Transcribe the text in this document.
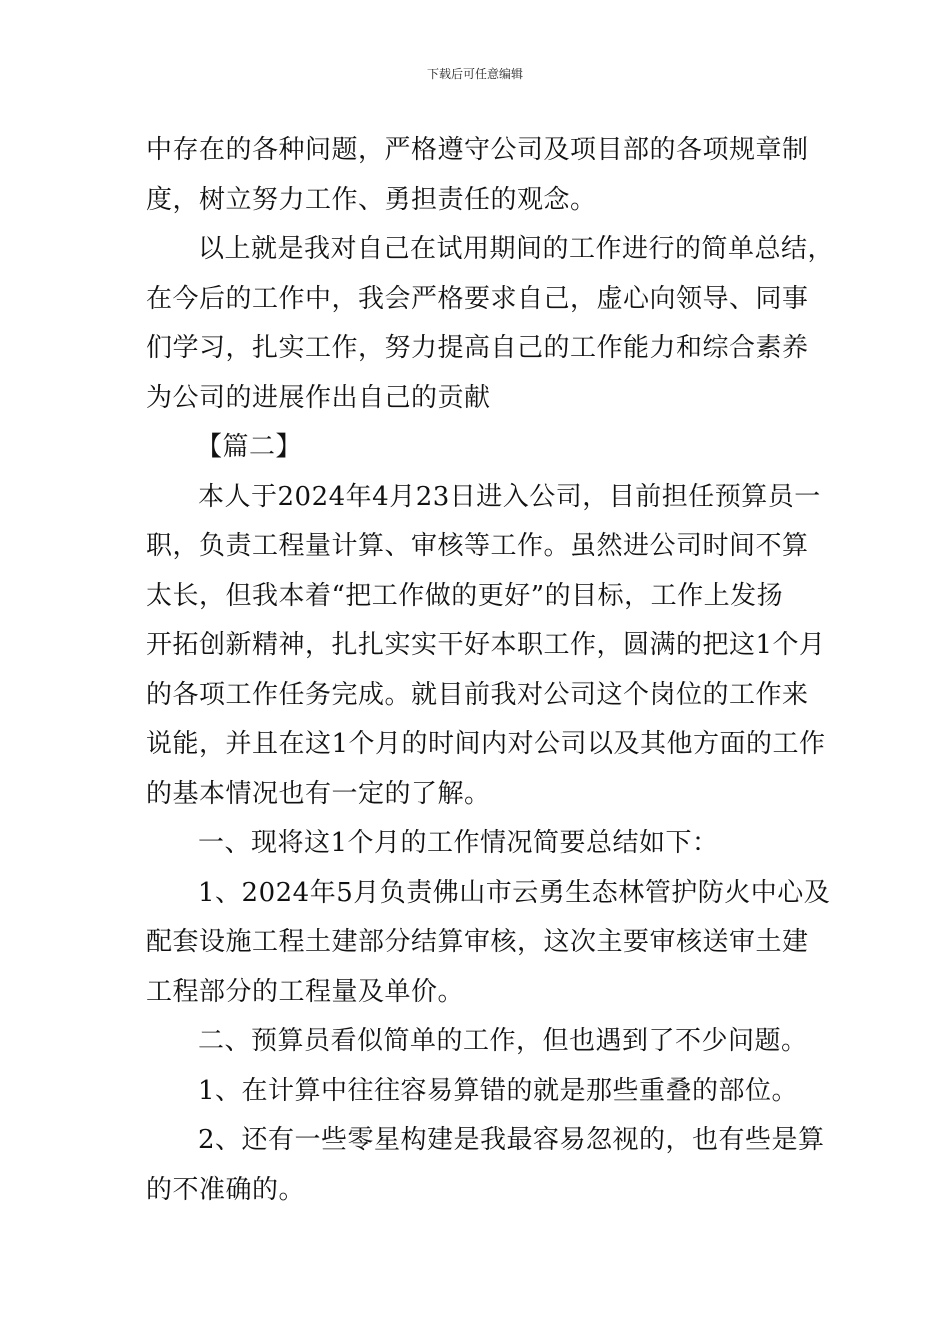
下载后可任意编辑
中存在的各种问题，严格遵守公司及项目部的各项规章制
度，树立努力工作、勇担责任的观念。
以上就是我对自己在试用期间的工作进行的简单总结，
在今后的工作中，我会严格要求自己，虚心向领导、同事
们学习，扎实工作，努力提高自己的工作能力和综合素养
为公司的进展作出自己的贡献
【篇二】
本人于2024年4月23日进入公司，目前担任预算员一
职，负责工程量计算、审核等工作。虽然进公司时间不算
太长，但我本着“把工作做的更好”的目标，工作上发扬
开拓创新精神，扎扎实实干好本职工作，圆满的把这1个月
的各项工作任务完成。就目前我对公司这个岗位的工作来
说能，并且在这1个月的时间内对公司以及其他方面的工作
的基本情况也有一定的了解。
一、现将这1个月的工作情况简要总结如下：
1、2024年5月负责佛山市云勇生态林管护防火中心及
配套设施工程土建部分结算审核，这次主要审核送审土建
工程部分的工程量及单价。
二、预算员看似简单的工作，但也遇到了不少问题。
1、在计算中往往容易算错的就是那些重叠的部位。
2、还有一些零星构建是我最容易忽视的，也有些是算
的不准确的。
